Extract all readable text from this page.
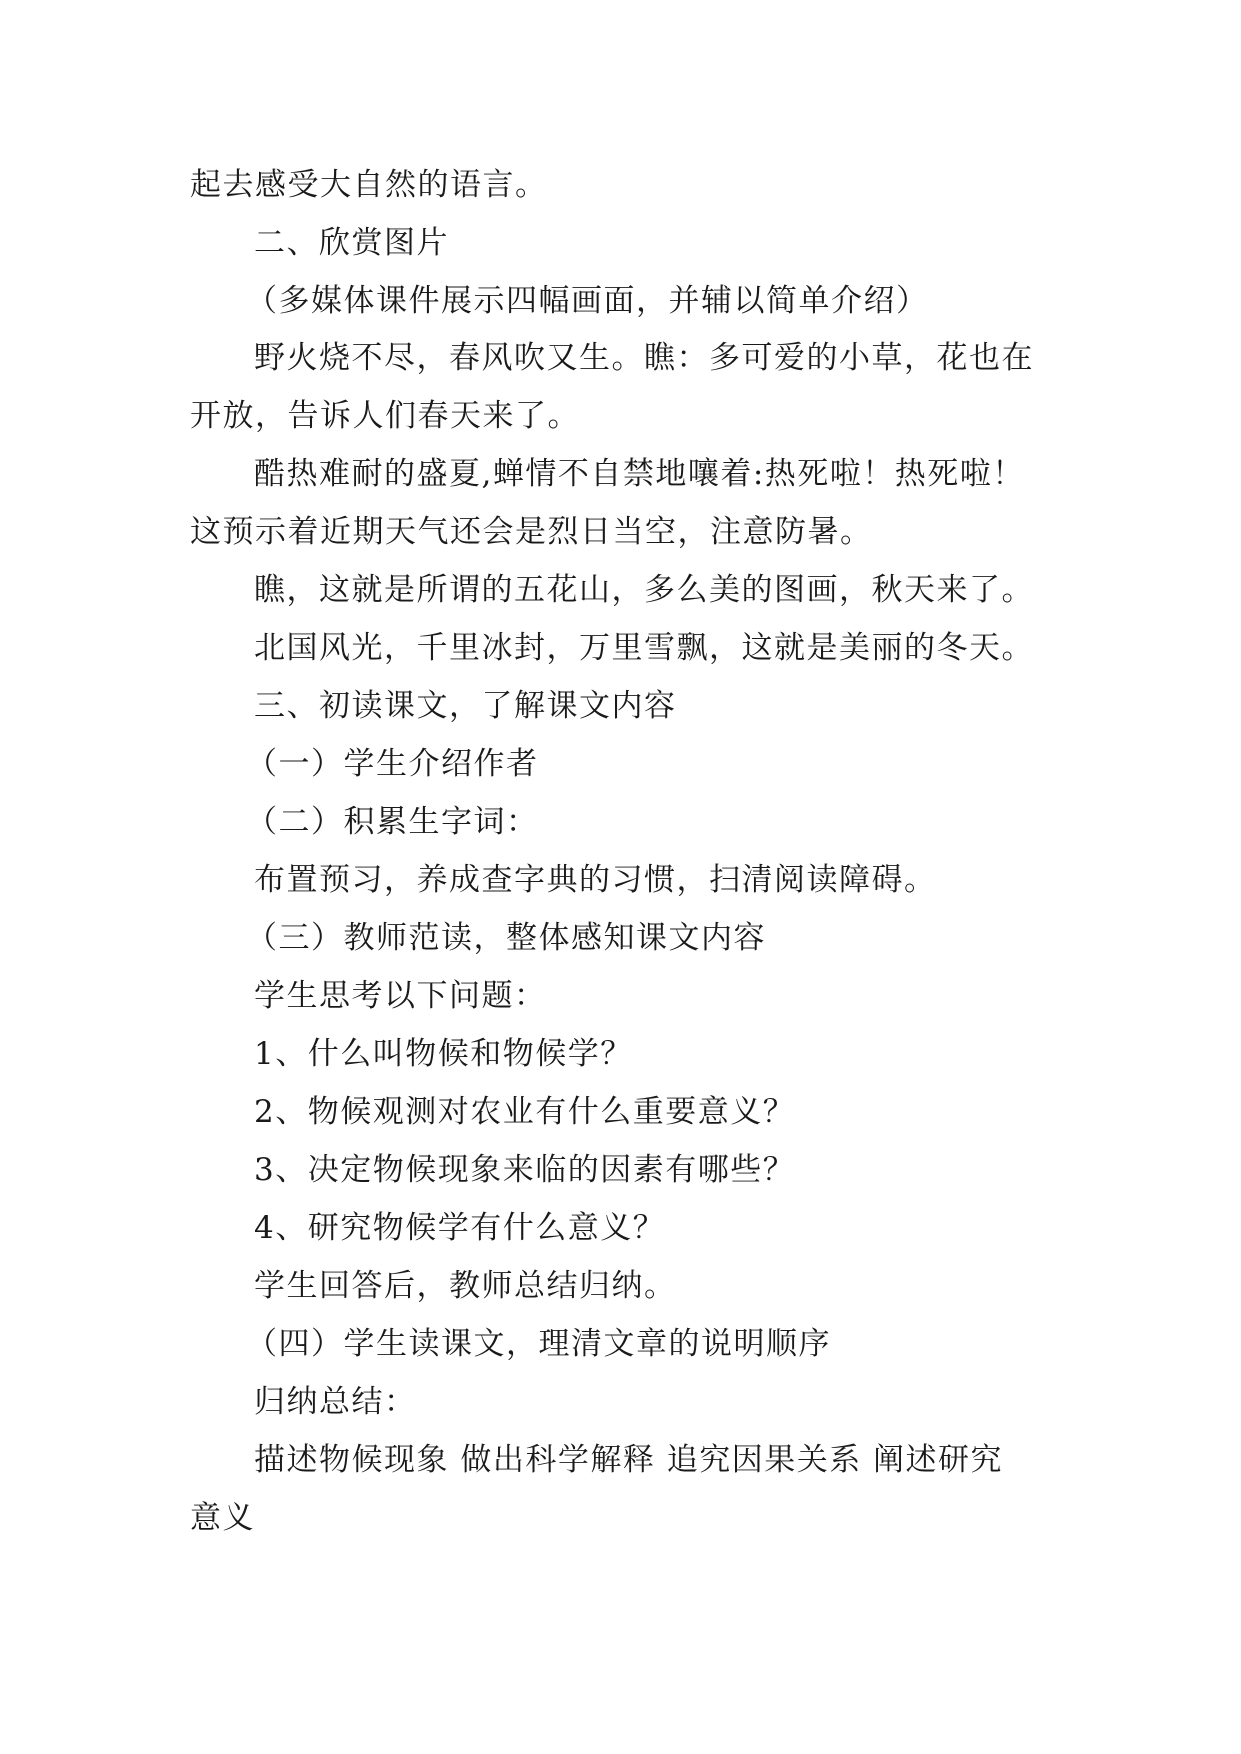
起去感受大自然的语言。
二、欣赏图片
（多媒体课件展示四幅画面，并辅以简单介绍）
野火烧不尽，春风吹又生。瞧：多可爱的小草，花也在
开放，告诉人们春天来了。
酷热难耐的盛夏,蝉情不自禁地嚷着:热死啦！热死啦！
这预示着近期天气还会是烈日当空，注意防暑。
瞧，这就是所谓的五花山，多么美的图画，秋天来了。
北国风光，千里冰封，万里雪飘，这就是美丽的冬天。
三、初读课文，了解课文内容
（一）学生介绍作者
（二）积累生字词：
布置预习，养成查字典的习惯，扫清阅读障碍。
（三）教师范读，整体感知课文内容
学生思考以下问题：
1、什么叫物候和物候学？
2、物候观测对农业有什么重要意义？
3、决定物候现象来临的因素有哪些？
4、研究物候学有什么意义？
学生回答后，教师总结归纳。
（四）学生读课文，理清文章的说明顺序
归纳总结：
描述物候现象 做出科学解释 追究因果关系 阐述研究
意义
